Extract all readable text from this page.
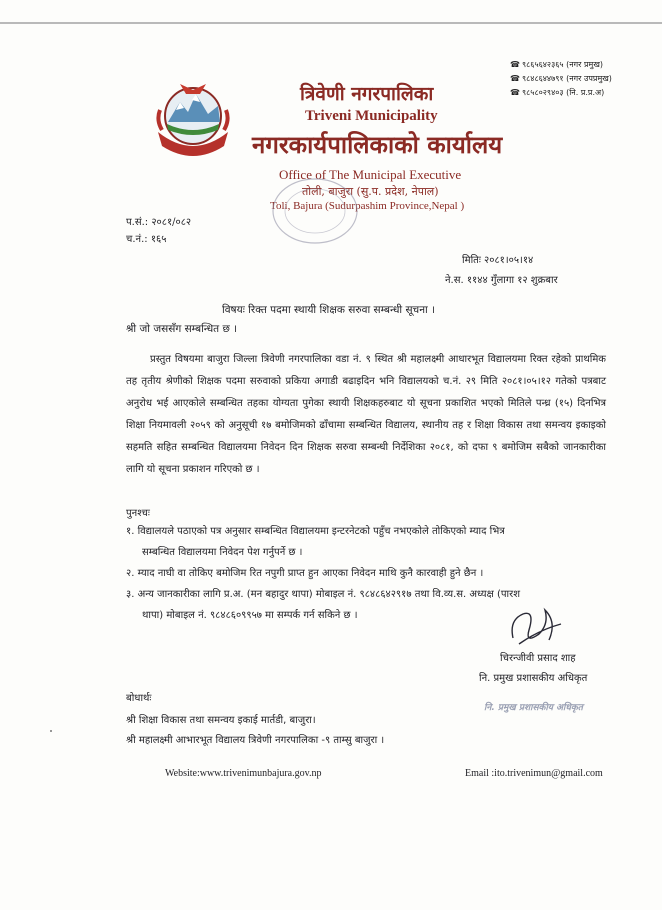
☎ ९८६५६४२३६५ (नगर प्रमुख)
☎ ९८४८६४४७९१ (नगर उपप्रमुख)
☎ ९८५८०२९४०३ (नि. प्र.प्र.अ)
त्रिवेणी नगरपालिका
Triveni Municipality
नगरकार्यपालिकाको कार्यालय
Office of The Municipal Executive
तोली, बाजुरा (सु.प. प्रदेश, नेपाल)
Toli, Bajura (Sudurpashim Province,Nepal )
प.सं.: २०८१/०८२
च.नं.: १६५
मितिः २०८१।०५।१४
ने.स. ११४४ गुँलागा १२ शुक्रबार
विषयः रिक्त पदमा स्थायी शिक्षक सरुवा सम्बन्धी सूचना ।
श्री जो जससँग सम्बन्धित छ ।
प्रस्तुत विषयमा बाजुरा जिल्ला त्रिवेणी नगरपालिका वडा नं. ९ स्थित श्री महालक्ष्मी आधारभूत विद्यालयमा रिक्त रहेको प्राथमिक तह तृतीय श्रेणीको शिक्षक पदमा सरुवाको प्रकिया अगाडी बढाइदिन भनि विद्यालयको च.नं. २९ मिति २०८१।०५।१२ गतेको पत्रबाट अनुरोध भई आएकोले सम्बन्धित तहका योग्यता पुगेका स्थायी शिक्षकहरुबाट यो सूचना प्रकाशित भएको मितिले पन्ध्र (१५) दिनभित्र शिक्षा नियमावली २०५९ को अनुसूची १७ बमोजिमको ढाँचामा सम्बन्धित विद्यालय, स्थानीय तह र शिक्षा विकास तथा समन्वय इकाइको सहमति सहित सम्बन्धित विद्यालयमा निवेदन दिन शिक्षक सरुवा सम्बन्धी निर्देशिका २०८१, को दफा ९ बमोजिम सबैको जानकारीका लागि यो सूचना प्रकाशन गरिएको छ ।
पुनश्चः
१. विद्यालयले पठाएको पत्र अनुसार सम्बन्धित विद्यालयमा इन्टरनेटको पहुँच नभएकोले तोकिएको म्याद भित्र
सम्बन्धित विद्यालयमा निवेदन पेश गर्नुपर्ने छ ।
२. म्याद नाघी वा तोकिए बमोजिम रित नपुगी प्राप्त हुन आएका निवेदन माथि कुनै कारवाही हुने छैन ।
३. अन्य जानकारीका लागि प्र.अ. (मन बहादुर थापा) मोबाइल नं. ९८४८६४२९१७ तथा वि.व्य.स. अध्यक्ष (पारश
थापा) मोबाइल नं. ९८४८६०९९५७ मा सम्पर्क गर्न सकिने छ ।
चिरन्जीवी प्रसाद शाह
नि. प्रमुख प्रशासकीय अधिकृत
नि. प्रमुख प्रशासकीय अधिकृत
बोधार्थः
श्री शिक्षा विकास तथा समन्वय इकाई मार्तडी, बाजुरा।
श्री महालक्ष्मी आभारभूत विद्यालय त्रिवेणी नगरपालिका -९ ताम्सु बाजुरा ।
Website:www.trivenimunbajura.gov.np	Email :ito.trivenimun@gmail.com
